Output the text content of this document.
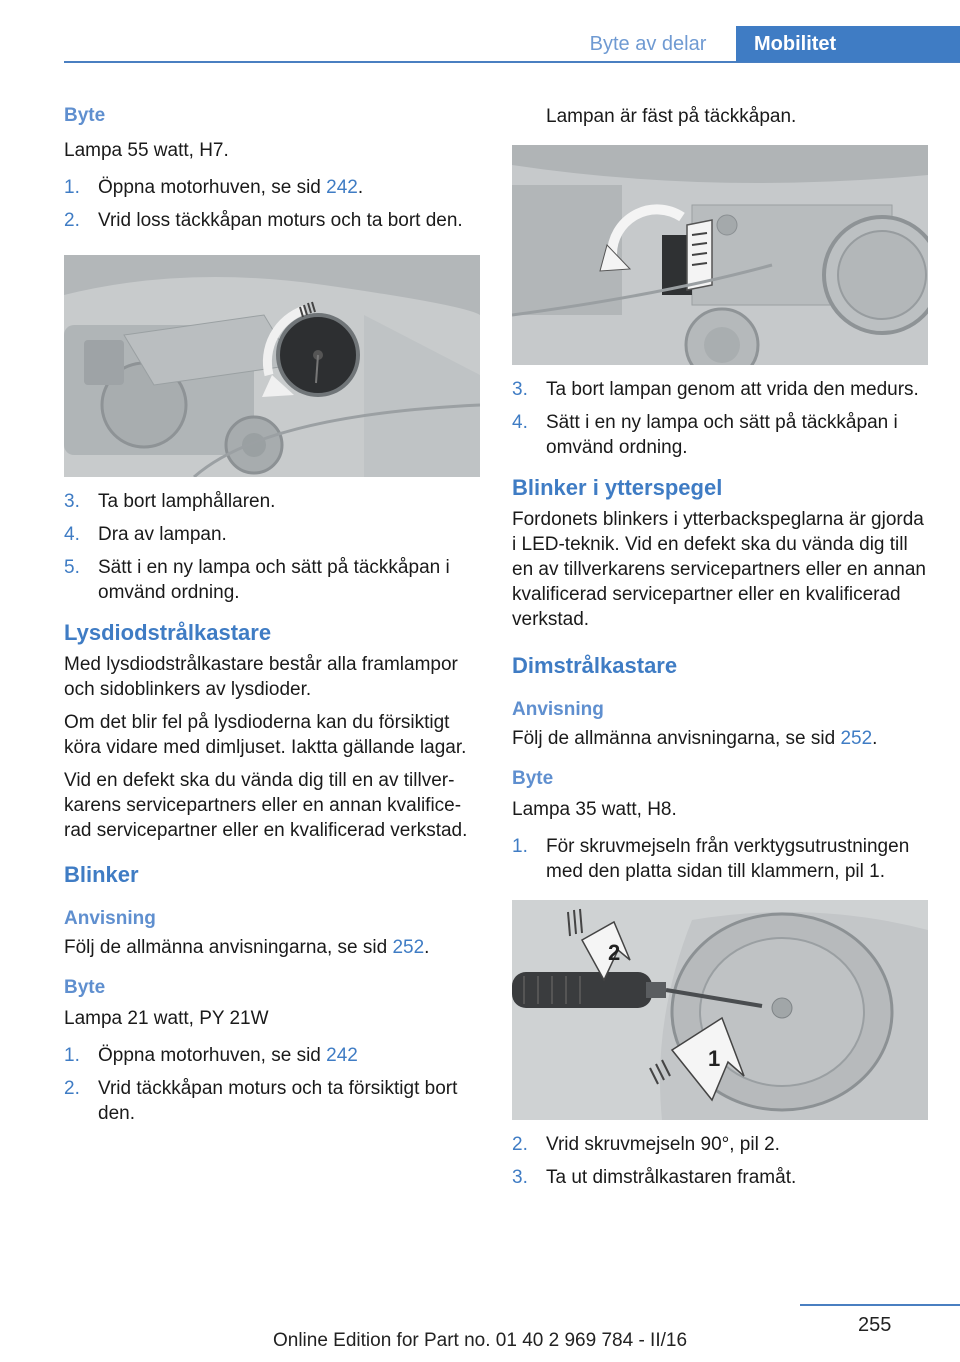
Byte av delar	Mobilitet
Byte
Lampa 55 watt, H7.
1. Öppna motorhuven, se sid 242.
2. Vrid loss täckkåpan moturs och ta bort den.
3. Ta bort lamphållaren.
4. Dra av lampan.
5. Sätt i en ny lampa och sätt på täckkåpan i omvänd ordning.
Lysdiodstrålkastare
Med lysdiodstrålkastare består alla framlampor och sidoblinkers av lysdioder.
Om det blir fel på lysdioderna kan du försiktigt köra vidare med dimljuset. Iaktta gällande lagar.
Vid en defekt ska du vända dig till en av tillverkarens servicepartners eller en annan kvalificerad servicepartner eller en kvalificerad verkstad.
Blinker
Anvisning
Följ de allmänna anvisningarna, se sid 252.
Byte
Lampa 21 watt, PY 21W
1. Öppna motorhuven, se sid 242
2. Vrid täckkåpan moturs och ta försiktigt bort den.
Lampan är fäst på täckkåpan.
3. Ta bort lampan genom att vrida den medurs.
4. Sätt i en ny lampa och sätt på täckkåpan i omvänd ordning.
Blinker i ytterspegel
Fordonets blinkers i ytterbackspeglarna är gjorda i LED-teknik. Vid en defekt ska du vända dig till en av tillverkarens servicepartners eller en annan kvalificerad servicepartner eller en kvalificerad verkstad.
Dimstrålkastare
Anvisning
Följ de allmänna anvisningarna, se sid 252.
Byte
Lampa 35 watt, H8.
1. För skruvmejseln från verktygsutrustningen med den platta sidan till klammern, pil 1.
2
1
2. Vrid skruvmejseln 90°, pil 2.
3. Ta ut dimstrålkastaren framåt.
255
Online Edition for Part no. 01 40 2 969 784 - II/16
